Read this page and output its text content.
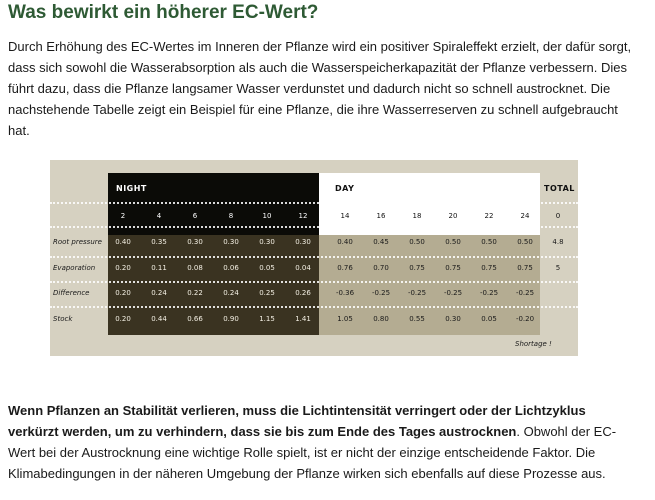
Was bewirkt ein höherer EC-Wert?

Durch Erhöhung des EC-Wertes im Inneren der Pflanze wird ein positiver Spiraleffekt erzielt, der dafür sorgt, dass sich sowohl die Wasserabsorption als auch die Wasserspeicherkapazität der Pflanze verbessern. Dies führt dazu, dass die Pflanze langsamer Wasser verdunstet und dadurch nicht so schnell austrocknet. Die nachstehende Tabelle zeigt ein Beispiel für eine Pflanze, die ihre Wasserreserven zu schnell aufgebraucht hat.

NIGHT	DAY	TOTAL
2	4	6	8	10	12	14	16	18	20	22	24	0
Root pressure	0.40	0.35	0.30	0.30	0.30	0.30	0.40	0.45	0.50	0.50	0.50	0.50	4.8
Evaporation	0.20	0.11	0.08	0.06	0.05	0.04	0.76	0.70	0.75	0.75	0.75	0.75	5
Difference	0.20	0.24	0.22	0.24	0.25	0.26	-0.36	-0.25	-0.25	-0.25	-0.25	-0.25
Stock	0.20	0.44	0.66	0.90	1.15	1.41	1.05	0.80	0.55	0.30	0.05	-0.20
Shortage !

Wenn Pflanzen an Stabilität verlieren, muss die Lichtintensität verringert oder der Lichtzyklus verkürzt werden, um zu verhindern, dass sie bis zum Ende des Tages austrocknen. Obwohl der EC-Wert bei der Austrocknung eine wichtige Rolle spielt, ist er nicht der einzige entscheidende Faktor. Die Klimabedingungen in der näheren Umgebung der Pflanze wirken sich ebenfalls auf diese Prozesse aus.
